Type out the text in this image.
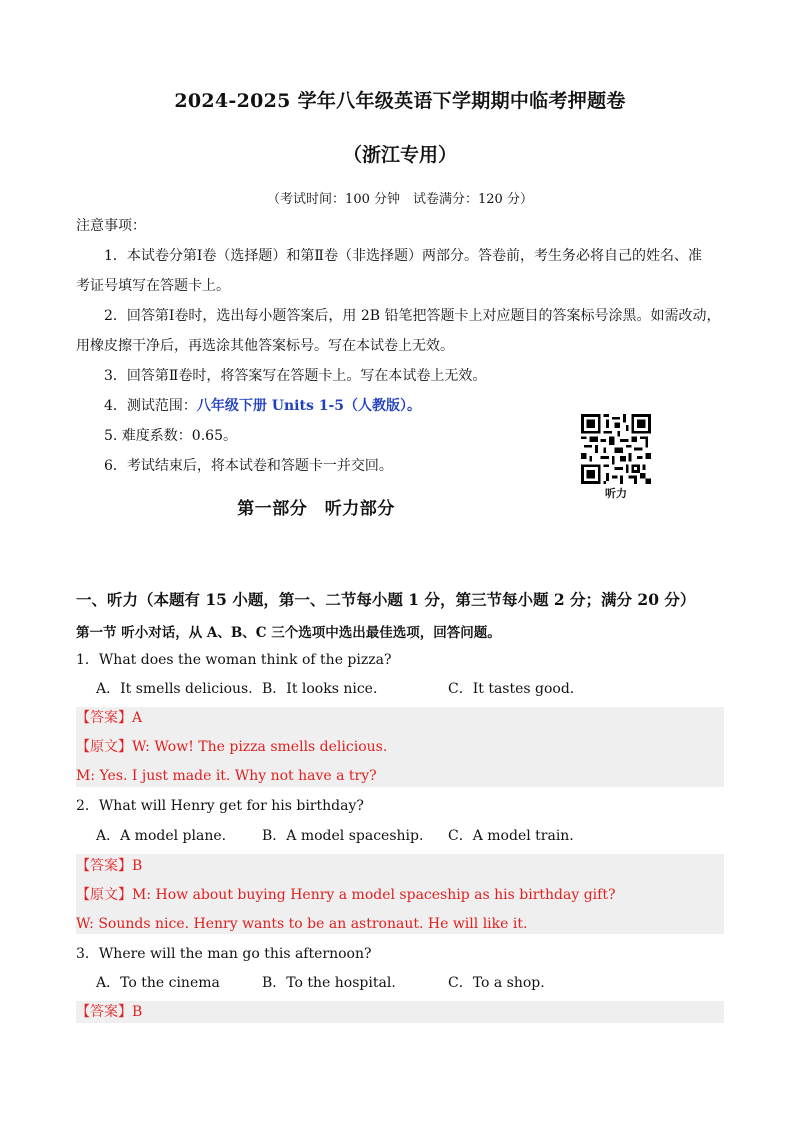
2024-2025 学年八年级英语下学期期中临考押题卷
（浙江专用）
（考试时间：100 分钟　试卷满分：120 分）
注意事项：
1．本试卷分第Ⅰ卷（选择题）和第Ⅱ卷（非选择题）两部分。答卷前，考生务必将自己的姓名、准
考证号填写在答题卡上。
2．回答第Ⅰ卷时，选出每小题答案后，用 2B 铅笔把答题卡上对应题目的答案标号涂黑。如需改动，
用橡皮擦干净后，再选涂其他答案标号。写在本试卷上无效。
3．回答第Ⅱ卷时，将答案写在答题卡上。写在本试卷上无效。
4．测试范围：八年级下册 Units 1-5（人教版）。
5. 难度系数：0.65。
6．考试结束后，将本试卷和答题卡一并交回。
听力
第一部分　听力部分
一、听力（本题有 15 小题，第一、二节每小题 1 分，第三节每小题 2 分；满分 20 分）
第一节 听小对话，从 A、B、C 三个选项中选出最佳选项，回答问题。
1．What does the woman think of the pizza?
A．It smells delicious. B．It looks nice.	C．It tastes good.
【答案】A
【原文】W: Wow! The pizza smells delicious.
M: Yes. I just made it. Why not have a try?
2．What will Henry get for his birthday?
A．A model plane.	B．A model spaceship. C．A model train.
【答案】B
【原文】M: How about buying Henry a model spaceship as his birthday gift?
W: Sounds nice. Henry wants to be an astronaut. He will like it.
3．Where will the man go this afternoon?
A．To the cinema	B．To the hospital.	C．To a shop.
【答案】B
